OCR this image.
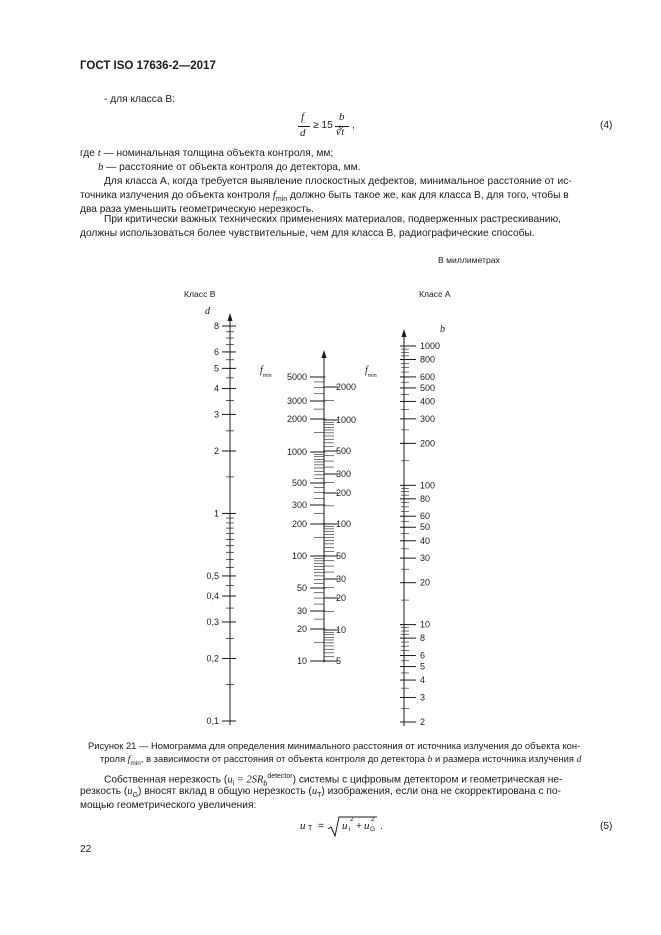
ГОСТ ISO 17636-2—2017
- для класса B:
f
d
≥ 15
b
∛t
,	(4)
где t — номинальная толщина объекта контроля, мм;
b — расстояние от объекта контроля до детектора, мм.
Для класса А, когда требуется выявление плоскостных дефектов, минимальное расстояние от ис-
точника излучения до объекта контроля $f_{min}$ должно быть такое же, как для класса B, для того, чтобы в
два раза уменьшить геометрическую нерезкость.
При критически важных технических применениях материалов, подверженных растрескиванию,
должны использоваться более чувствительные, чем для класса B, радиографические способы.
В миллиметрах
8
6
5
4
3
2
1
0,5
0,4
0,3
0,2
0,1
1000
800
600
500
400
300
200
100
80
60
50
40
30
20
10
8
6
5
4
3
2
5000
3000
2000
1000
500
300
200
100
50
30
20
10
2000
1000
500
300
200
100
50
30
20
10
5
Класс B	Класс А
d
b
$f_{min}$
$f_{min}$
Рисунок 21 — Номограмма для определения минимального расстояния от источника излучения до объекта кон-
троля $f_{min}$, в зависимости от расстояния от объекта контроля до детектора b и размера источника излучения d
Собственная нерезкость $(u_i = 2SR_b^{detector})$ системы с цифровым детектором и геометрическая не-
резкость $(u_G)$ вносят вклад в общую нерезкость $(u_T)$ изображения, если она не скорректирована с по-
мощью геометрического увеличения:
u T = u i
2
+ u G
2
.	(5)
22
